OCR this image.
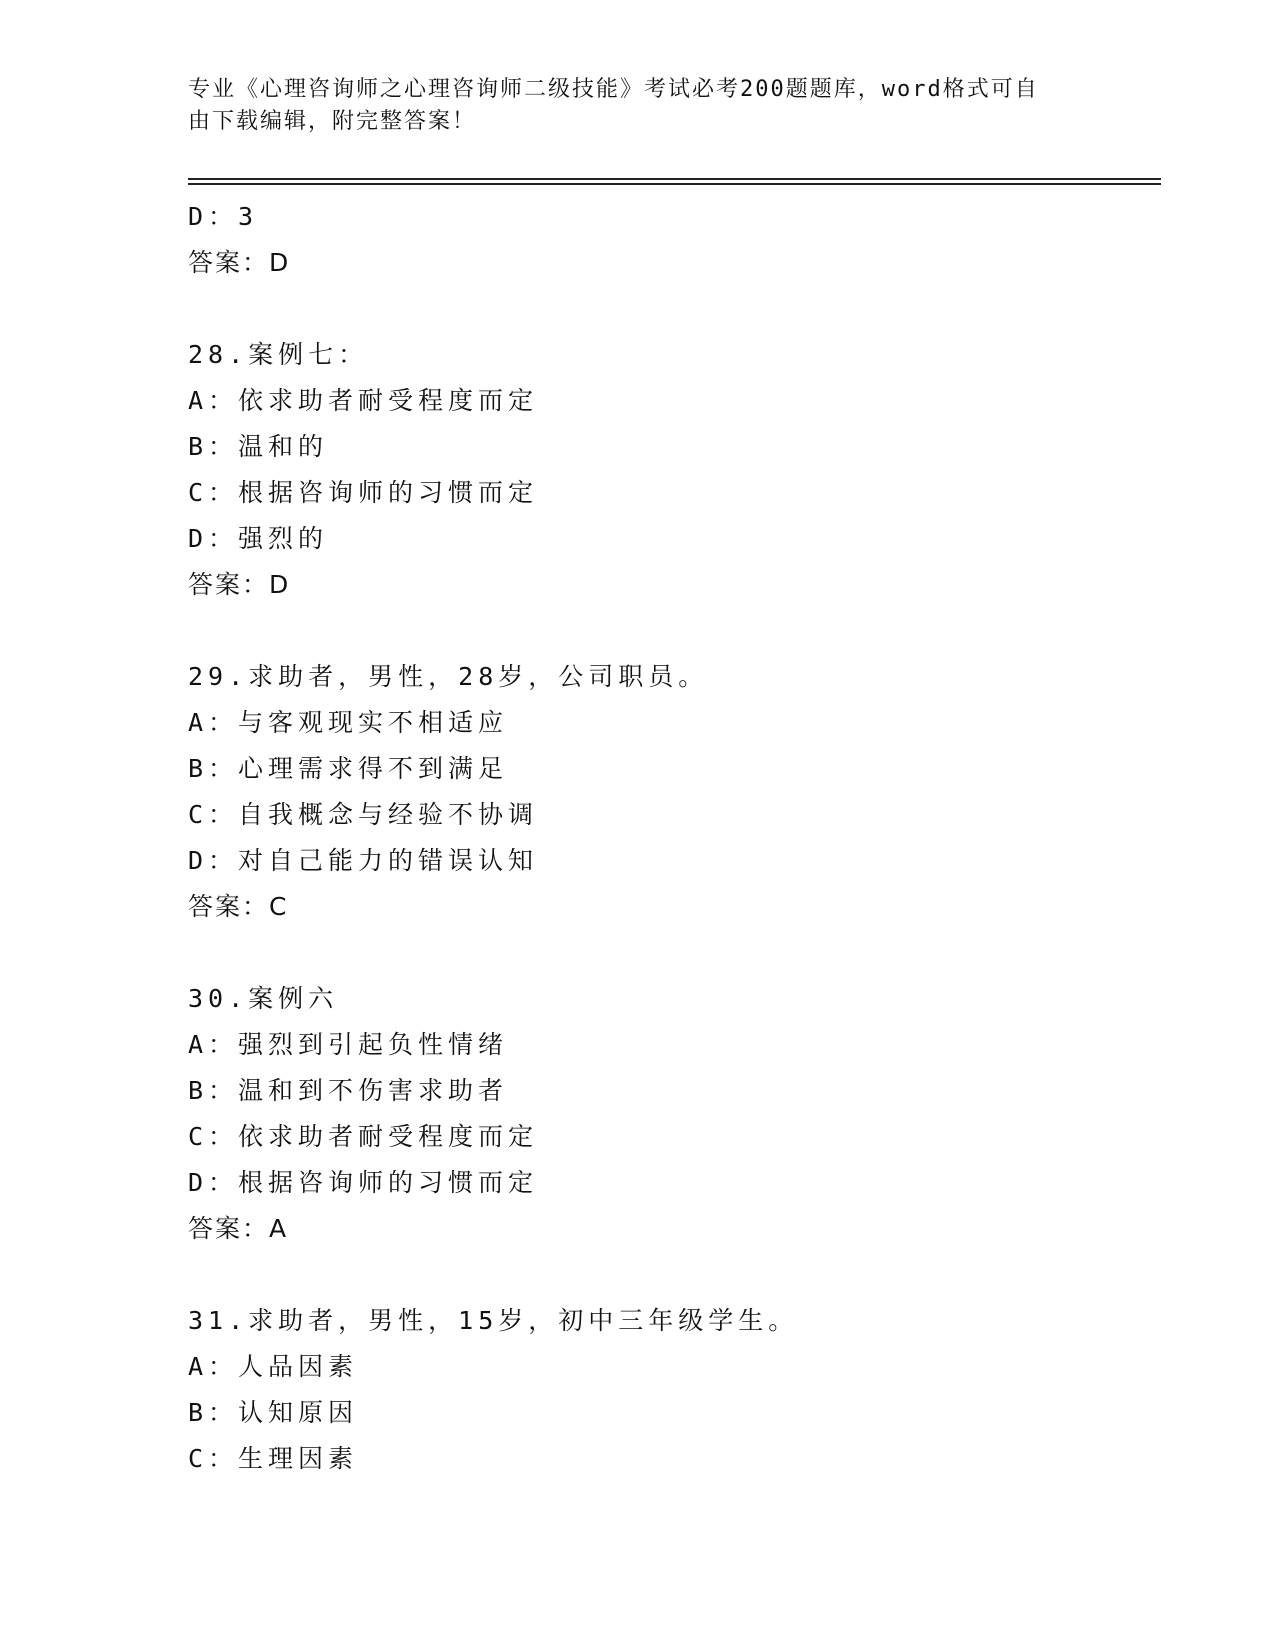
专业《心理咨询师之心理咨询师二级技能》考试必考200题题库，word格式可自
由下载编辑，附完整答案！
D：3
答案：D
28.案例七：
A：依求助者耐受程度而定
B：温和的
C：根据咨询师的习惯而定
D：强烈的
答案：D
29.求助者，男性，28岁，公司职员。
A：与客观现实不相适应
B：心理需求得不到满足
C：自我概念与经验不协调
D：对自己能力的错误认知
答案：C
30.案例六
A：强烈到引起负性情绪
B：温和到不伤害求助者
C：依求助者耐受程度而定
D：根据咨询师的习惯而定
答案：A
31.求助者，男性，15岁，初中三年级学生。
A：人品因素
B：认知原因
C：生理因素
